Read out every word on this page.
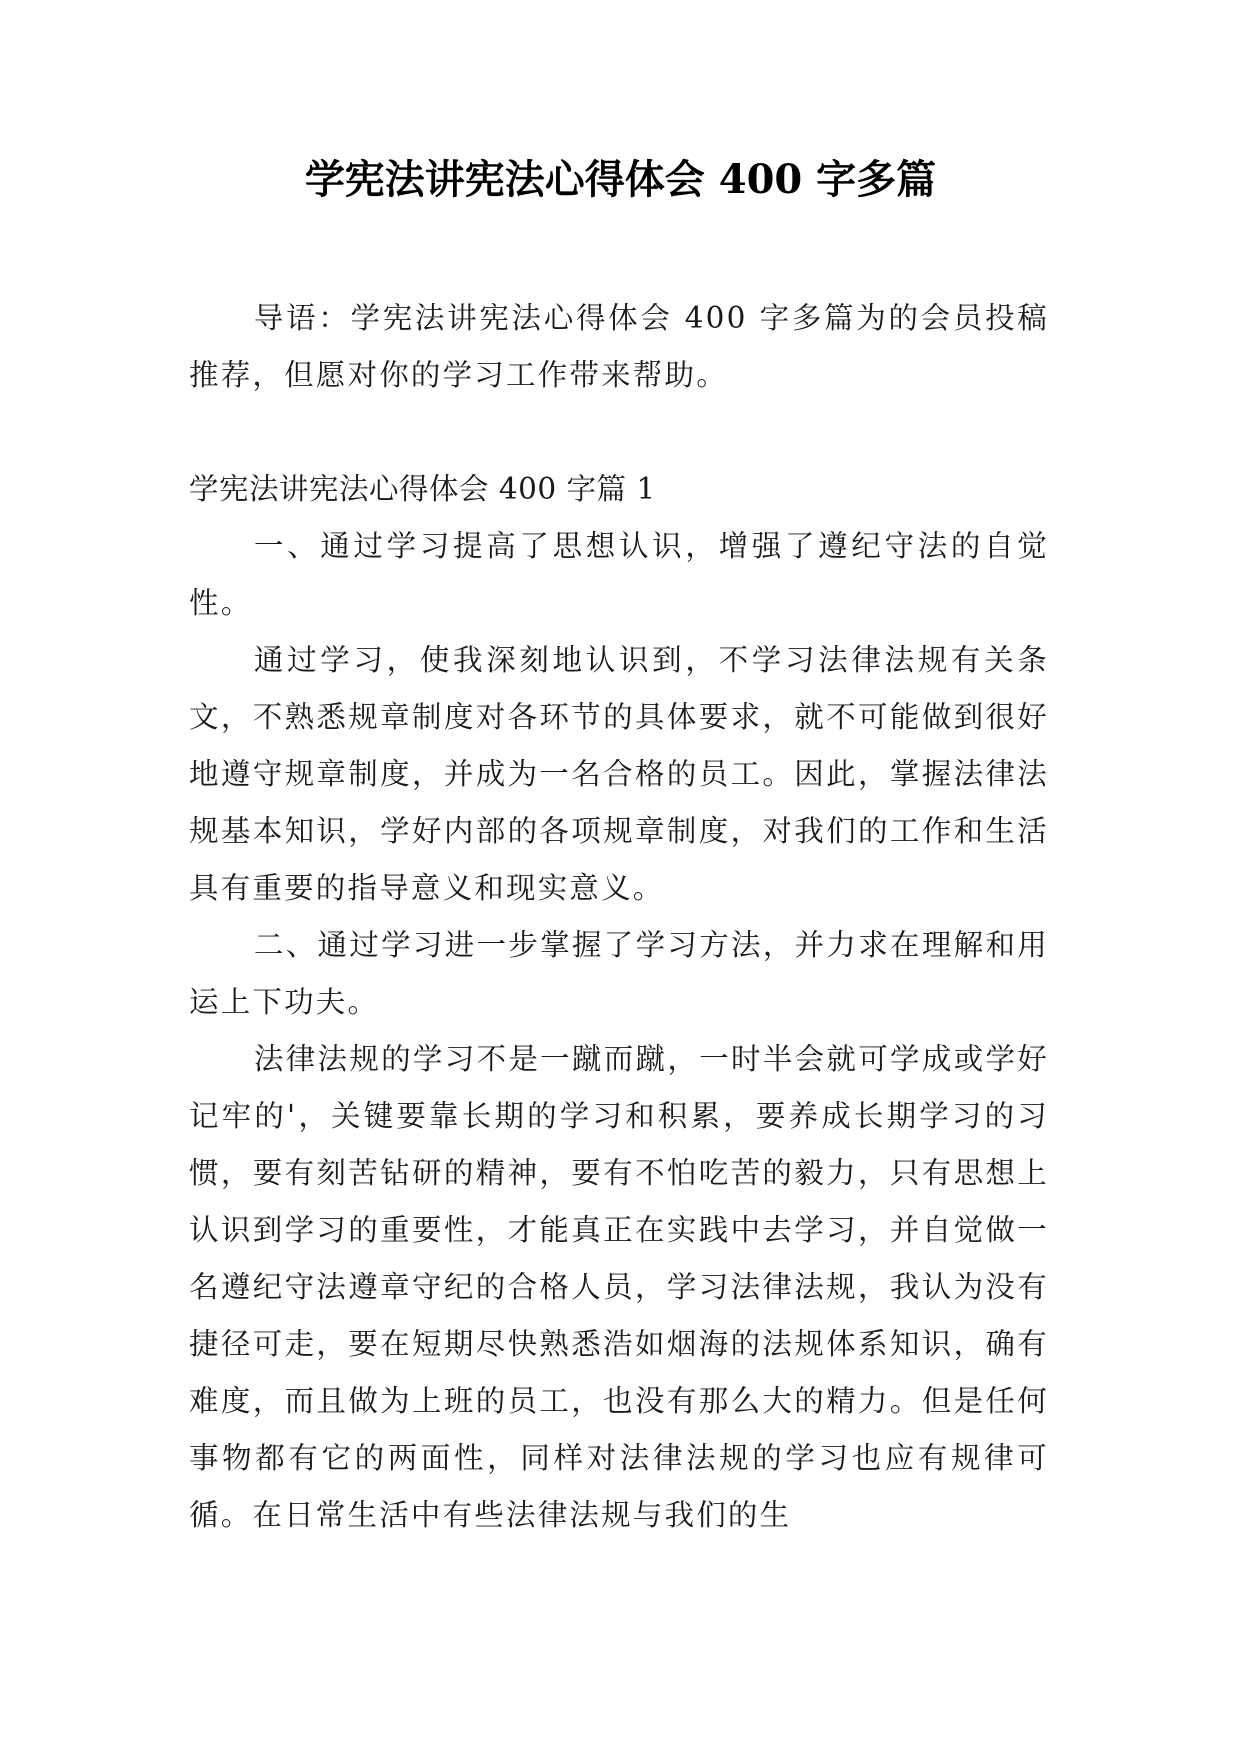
学宪法讲宪法心得体会 400 字多篇

导语：学宪法讲宪法心得体会 400 字多篇为的会员投稿推荐，但愿对你的学习工作带来帮助。

学宪法讲宪法心得体会 400 字篇 1

一、通过学习提高了思想认识，增强了遵纪守法的自觉性。

通过学习，使我深刻地认识到，不学习法律法规有关条文，不熟悉规章制度对各环节的具体要求，就不可能做到很好地遵守规章制度，并成为一名合格的员工。因此，掌握法律法规基本知识，学好内部的各项规章制度，对我们的工作和生活具有重要的指导意义和现实意义。

二、通过学习进一步掌握了学习方法，并力求在理解和用运上下功夫。

法律法规的学习不是一蹴而蹴，一时半会就可学成或学好记牢的'，关键要靠长期的学习和积累，要养成长期学习的习惯，要有刻苦钻研的精神，要有不怕吃苦的毅力，只有思想上认识到学习的重要性，才能真正在实践中去学习，并自觉做一名遵纪守法遵章守纪的合格人员，学习法律法规，我认为没有捷径可走，要在短期尽快熟悉浩如烟海的法规体系知识，确有难度，而且做为上班的员工，也没有那么大的精力。但是任何事物都有它的两面性，同样对法律法规的学习也应有规律可循。在日常生活中有些法律法规与我们的生
